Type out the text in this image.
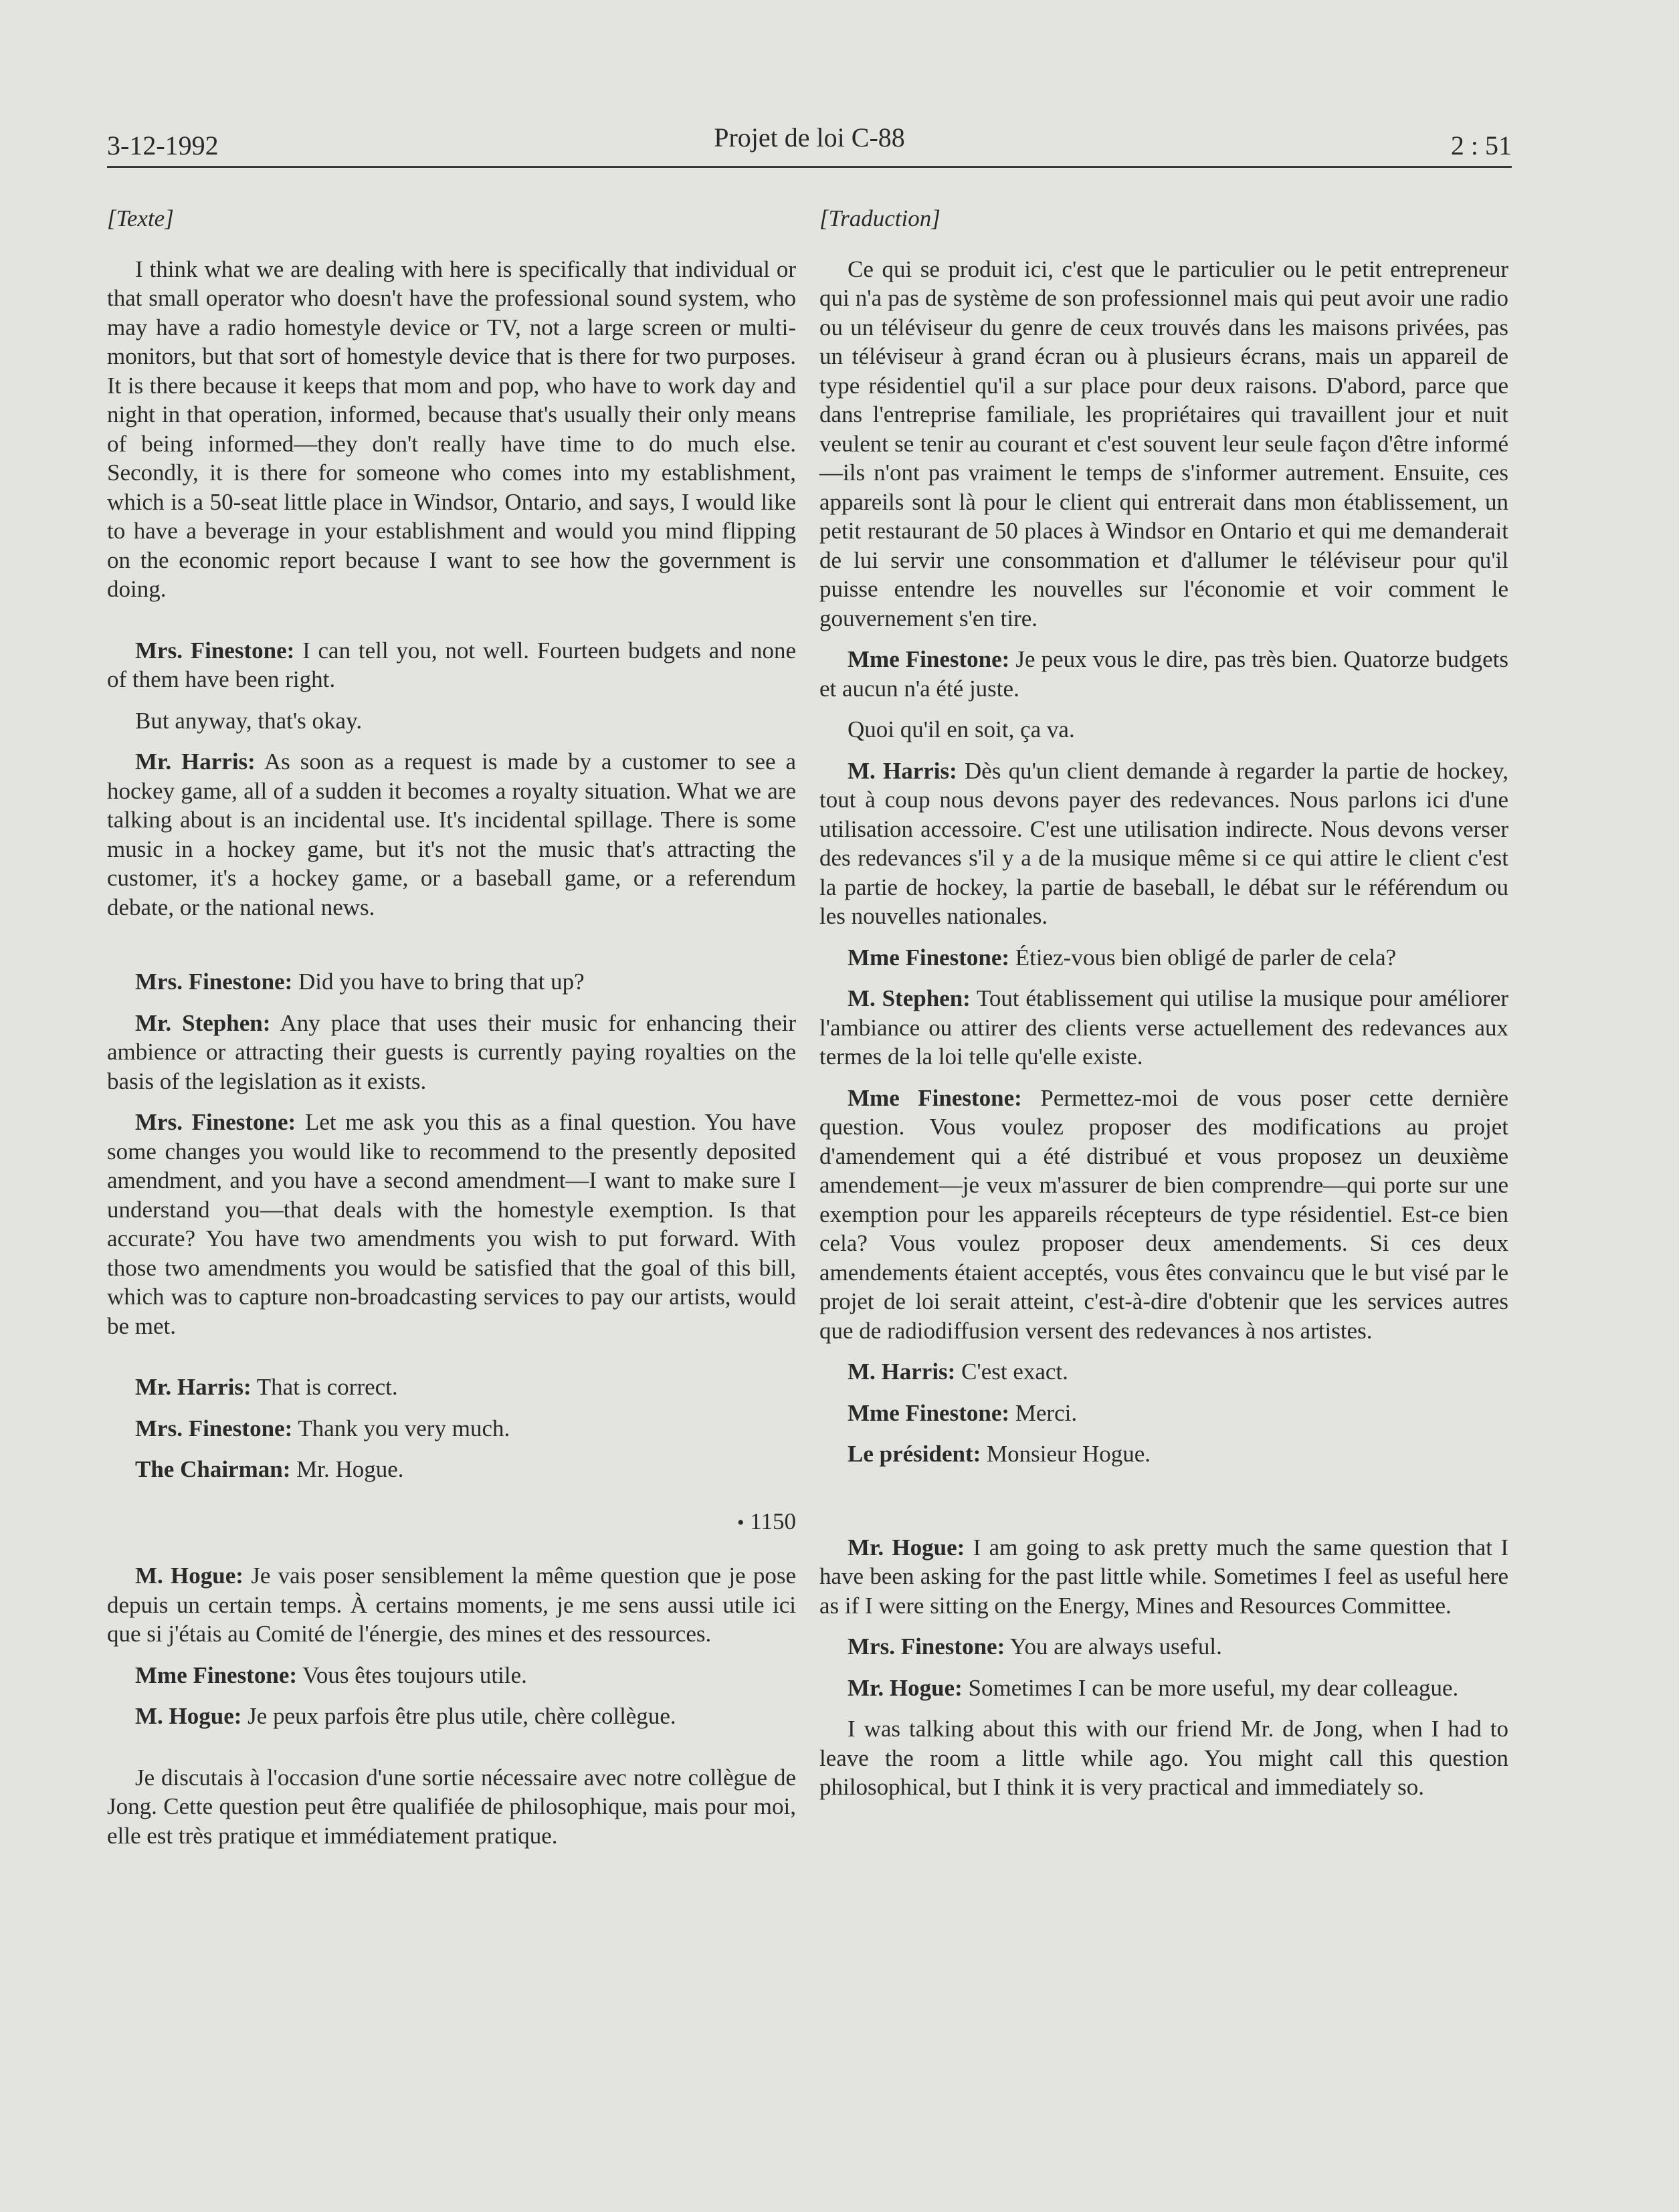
3-12-1992	Projet de loi C-88	2 : 51

[Texte]

I think what we are dealing with here is specifically that individual or that small operator who doesn't have the professional sound system, who may have a radio homestyle device or TV, not a large screen or multi-monitors, but that sort of homestyle device that is there for two purposes. It is there because it keeps that mom and pop, who have to work day and night in that operation, informed, because that's usually their only means of being informed—they don't really have time to do much else. Secondly, it is there for someone who comes into my establishment, which is a 50-seat little place in Windsor, Ontario, and says, I would like to have a beverage in your establishment and would you mind flipping on the economic report because I want to see how the government is doing.

Mrs. Finestone: I can tell you, not well. Fourteen budgets and none of them have been right.

But anyway, that's okay.

Mr. Harris: As soon as a request is made by a customer to see a hockey game, all of a sudden it becomes a royalty situation. What we are talking about is an incidental use. It's incidental spillage. There is some music in a hockey game, but it's not the music that's attracting the customer, it's a hockey game, or a baseball game, or a referendum debate, or the national news.

Mrs. Finestone: Did you have to bring that up?

Mr. Stephen: Any place that uses their music for enhancing their ambience or attracting their guests is currently paying royalties on the basis of the legislation as it exists.

Mrs. Finestone: Let me ask you this as a final question. You have some changes you would like to recommend to the presently deposited amendment, and you have a second amendment—I want to make sure I understand you—that deals with the homestyle exemption. Is that accurate? You have two amendments you wish to put forward. With those two amendments you would be satisfied that the goal of this bill, which was to capture non-broadcasting services to pay our artists, would be met.

Mr. Harris: That is correct.

Mrs. Finestone: Thank you very much.

The Chairman: Mr. Hogue.

• 1150

M. Hogue: Je vais poser sensiblement la même question que je pose depuis un certain temps. À certains moments, je me sens aussi utile ici que si j'étais au Comité de l'énergie, des mines et des ressources.

Mme Finestone: Vous êtes toujours utile.

M. Hogue: Je peux parfois être plus utile, chère collègue.

Je discutais à l'occasion d'une sortie nécessaire avec notre collègue de Jong. Cette question peut être qualifiée de philosophique, mais pour moi, elle est très pratique et immédiatement pratique.

[Traduction]

Ce qui se produit ici, c'est que le particulier ou le petit entrepreneur qui n'a pas de système de son professionnel mais qui peut avoir une radio ou un téléviseur du genre de ceux trouvés dans les maisons privées, pas un téléviseur à grand écran ou à plusieurs écrans, mais un appareil de type résidentiel qu'il a sur place pour deux raisons. D'abord, parce que dans l'entreprise familiale, les propriétaires qui travaillent jour et nuit veulent se tenir au courant et c'est souvent leur seule façon d'être informé—ils n'ont pas vraiment le temps de s'informer autrement. Ensuite, ces appareils sont là pour le client qui entrerait dans mon établissement, un petit restaurant de 50 places à Windsor en Ontario et qui me demanderait de lui servir une consommation et d'allumer le téléviseur pour qu'il puisse entendre les nouvelles sur l'économie et voir comment le gouvernement s'en tire.

Mme Finestone: Je peux vous le dire, pas très bien. Quatorze budgets et aucun n'a été juste.

Quoi qu'il en soit, ça va.

M. Harris: Dès qu'un client demande à regarder la partie de hockey, tout à coup nous devons payer des redevances. Nous parlons ici d'une utilisation accessoire. C'est une utilisation indirecte. Nous devons verser des redevances s'il y a de la musique même si ce qui attire le client c'est la partie de hockey, la partie de baseball, le débat sur le référendum ou les nouvelles nationales.

Mme Finestone: Étiez-vous bien obligé de parler de cela?

M. Stephen: Tout établissement qui utilise la musique pour améliorer l'ambiance ou attirer des clients verse actuellement des redevances aux termes de la loi telle qu'elle existe.

Mme Finestone: Permettez-moi de vous poser cette dernière question. Vous voulez proposer des modifications au projet d'amendement qui a été distribué et vous proposez un deuxième amendement—je veux m'assurer de bien comprendre—qui porte sur une exemption pour les appareils récepteurs de type résidentiel. Est-ce bien cela? Vous voulez proposer deux amendements. Si ces deux amendements étaient acceptés, vous êtes convaincu que le but visé par le projet de loi serait atteint, c'est-à-dire d'obtenir que les services autres que de radiodiffusion versent des redevances à nos artistes.

M. Harris: C'est exact.

Mme Finestone: Merci.

Le président: Monsieur Hogue.

Mr. Hogue: I am going to ask pretty much the same question that I have been asking for the past little while. Sometimes I feel as useful here as if I were sitting on the Energy, Mines and Resources Committee.

Mrs. Finestone: You are always useful.

Mr. Hogue: Sometimes I can be more useful, my dear colleague.

I was talking about this with our friend Mr. de Jong, when I had to leave the room a little while ago. You might call this question philosophical, but I think it is very practical and immediately so.
